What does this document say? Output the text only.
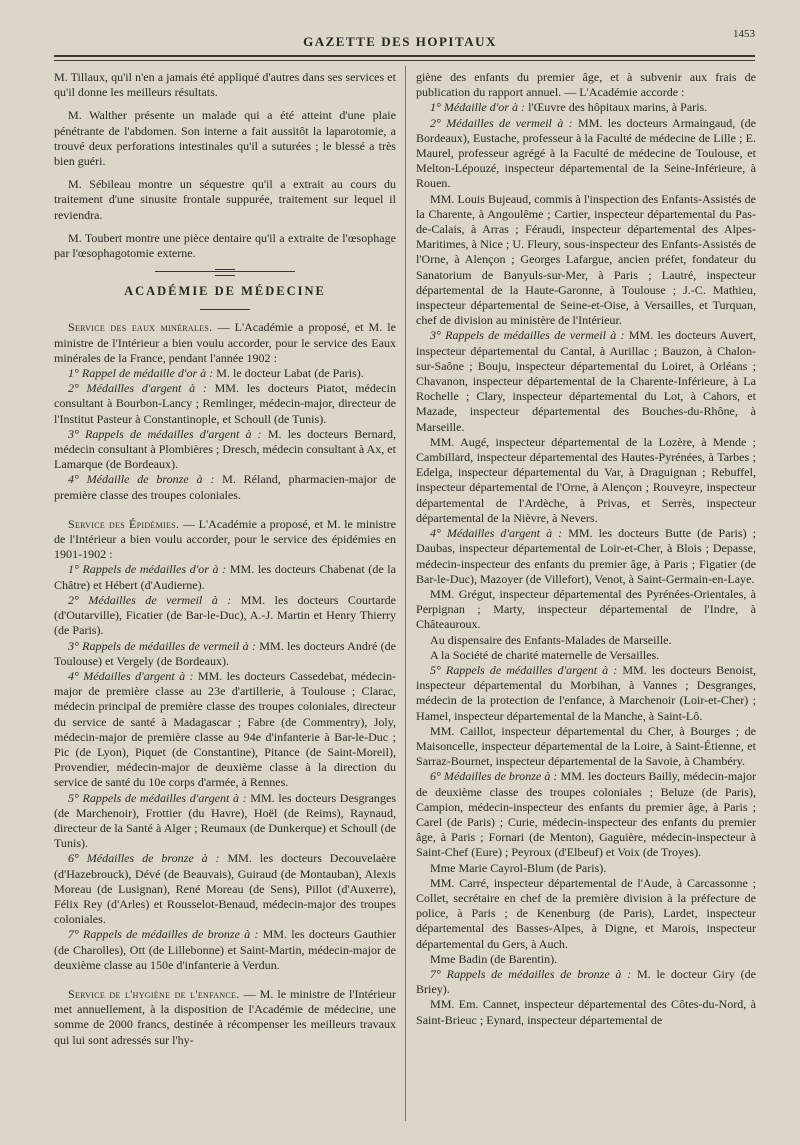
GAZETTE DES HOPITAUX	1453

M. Tillaux, qu'il n'en a jamais été appliqué d'autres dans ses services et qu'il donne les meilleurs résultats.

M. Walther présente un malade qui a été atteint d'une plaie pénétrante de l'abdomen. Son interne a fait aussitôt la laparotomie, a trouvé deux perforations intestinales qu'il a suturées ; le blessé a très bien guéri.

M. Sébileau montre un séquestre qu'il a extrait au cours du traitement d'une sinusite frontale suppurée, traitement sur lequel il reviendra.

M. Toubert montre une pièce dentaire qu'il a extraite de l'œsophage par l'œsophagotomie externe.

ACADÉMIE DE MÉDECINE

Service des eaux minérales. — L'Académie a proposé, et M. le ministre de l'Intérieur a bien voulu accorder, pour le service des Eaux minérales de la France, pendant l'année 1902 :

1° Rappel de médaille d'or à : M. le docteur Labat (de Paris).

2° Médailles d'argent à : MM. les docteurs Piatot, médecin consultant à Bourbon-Lancy ; Remlinger, médecin-major, directeur de l'Institut Pasteur à Constantinople, et Schoull (de Tunis).

3° Rappels de médailles d'argent à : M. les docteurs Bernard, médecin consultant à Plombières ; Dresch, médecin consultant à Ax, et Lamarque (de Bordeaux).

4° Médaille de bronze à : M. Réland, pharmacien-major de première classe des troupes coloniales.

Service des Épidémies. — L'Académie a proposé, et M. le ministre de l'Intérieur a bien voulu accorder, pour le service des épidémies en 1901-1902 :

1° Rappels de médailles d'or à : MM. les docteurs Chabenat (de la Châtre) et Hébert (d'Audierne).

2° Médailles de vermeil à : MM. les docteurs Courtarde (d'Outarville), Ficatier (de Bar-le-Duc), A.-J. Martin et Henry Thierry (de Paris).

3° Rappels de médailles de vermeil à : MM. les docteurs André (de Toulouse) et Vergely (de Bordeaux).

4° Médailles d'argent à : MM. les docteurs Cassedebat, médecin-major de première classe au 23e d'artillerie, à Toulouse ; Clarac, médecin principal de première classe des troupes coloniales, directeur du service de santé à Madagascar ; Fabre (de Commentry), Joly, médecin-major de première classe au 94e d'infanterie à Bar-le-Duc ; Pic (de Lyon), Piquet (de Constantine), Pitance (de Saint-Moreil), Provendier, médecin-major de deuxième classe à la direction du service de santé du 10e corps d'armée, à Rennes.

5° Rappels de médailles d'argent à : MM. les docteurs Desgranges (de Marchenoir), Frottier (du Havre), Hoël (de Reims), Raynaud, directeur de la Santé à Alger ; Reumaux (de Dunkerque) et Schoull (de Tunis).

6° Médailles de bronze à : MM. les docteurs Decouvelaère (d'Hazebrouck), Dévé (de Beauvais), Guiraud (de Montauban), Alexis Moreau (de Lusignan), René Moreau (de Sens), Pillot (d'Auxerre), Félix Rey (d'Arles) et Rousselot-Benaud, médecin-major des troupes coloniales.

7° Rappels de médailles de bronze à : MM. les docteurs Gauthier (de Charolles), Ott (de Lillebonne) et Saint-Martin, médecin-major de deuxième classe au 150e d'infanterie à Verdun.

Service de l'hygiène de l'enfance. — M. le ministre de l'Intérieur met annuellement, à la disposition de l'Académie de médecine, une somme de 2000 francs, destinée à récompenser les meilleurs travaux qui lui sont adressés sur l'hy-

giène des enfants du premier âge, et à subvenir aux frais de publication du rapport annuel. — L'Académie accorde :

1° Médaille d'or à : l'Œuvre des hôpitaux marins, à Paris.

2° Médailles de vermeil à : MM. les docteurs Armaingaud, (de Bordeaux), Eustache, professeur à la Faculté de médecine de Lille ; E. Maurel, professeur agrégé à la Faculté de médecine de Toulouse, et Melton-Lépouzé, inspecteur départemental de la Seine-Inférieure, à Rouen.

MM. Louis Bujeaud, commis à l'inspection des Enfants-Assistés de la Charente, à Angoulême ; Cartier, inspecteur départemental du Pas-de-Calais, à Arras ; Féraudi, inspecteur départemental des Alpes-Maritimes, à Nice ; U. Fleury, sous-inspecteur des Enfants-Assistés de l'Orne, à Alençon ; Georges Lafargue, ancien préfet, fondateur du Sanatorium de Banyuls-sur-Mer, à Paris ; Lautré, inspecteur départemental de la Haute-Garonne, à Toulouse ; J.-C. Mathieu, inspecteur départemental de Seine-et-Oise, à Versailles, et Turquan, chef de division au ministère de l'Intérieur.

3° Rappels de médailles de vermeil à : MM. les docteurs Auvert, inspecteur départemental du Cantal, à Aurillac ; Bauzon, à Chalon-sur-Saône ; Bouju, inspecteur départemental du Loiret, à Orléans ; Chavanon, inspecteur départemental de la Charente-Inférieure, à La Rochelle ; Clary, inspecteur départemental du Lot, à Cahors, et Mazade, inspecteur départemental des Bouches-du-Rhône, à Marseille.

MM. Augé, inspecteur départemental de la Lozère, à Mende ; Cambillard, inspecteur départemental des Hautes-Pyrénées, à Tarbes ; Edelga, inspecteur départemental du Var, à Draguignan ; Rebuffel, inspecteur départemental de l'Orne, à Alençon ; Rouveyre, inspecteur départemental de l'Ardèche, à Privas, et Serrès, inspecteur départemental de la Nièvre, à Nevers.

4° Médailles d'argent à : MM. les docteurs Butte (de Paris) ; Daubas, inspecteur départemental de Loir-et-Cher, à Blois ; Depasse, médecin-inspecteur des enfants du premier âge, à Paris ; Figatier (de Bar-le-Duc), Mazoyer (de Villefort), Venot, à Saint-Germain-en-Laye.

MM. Grégut, inspecteur départemental des Pyrénées-Orientales, à Perpignan ; Marty, inspecteur départemental de l'Indre, à Châteauroux.

Au dispensaire des Enfants-Malades de Marseille.

A la Société de charité maternelle de Versailles.

5° Rappels de médailles d'argent à : MM. les docteurs Benoist, inspecteur départemental du Morbihan, à Vannes ; Desgranges, médecin de la protection de l'enfance, à Marchenoir (Loir-et-Cher) ; Hamel, inspecteur départemental de la Manche, à Saint-Lô.

MM. Caillot, inspecteur départemental du Cher, à Bourges ; de Maisoncelle, inspecteur départemental de la Loire, à Saint-Étienne, et Sarraz-Bournet, inspecteur départemental de la Savoie, à Chambéry.

6° Médailles de bronze à : MM. les docteurs Bailly, médecin-major de deuxième classe des troupes coloniales ; Beluze (de Paris), Campion, médecin-inspecteur des enfants du premier âge, à Paris ; Carel (de Paris) ; Curie, médecin-inspecteur des enfants du premier âge, à Paris ; Fornari (de Menton), Gaguière, médecin-inspecteur à Saint-Chef (Eure) ; Peyroux (d'Elbeuf) et Voix (de Troyes).

Mme Marie Cayrol-Blum (de Paris).

MM. Carré, inspecteur départemental de l'Aude, à Carcassonne ; Collet, secrétaire en chef de la première division à la préfecture de police, à Paris ; de Kenenburg (de Paris), Lardet, inspecteur départemental des Basses-Alpes, à Digne, et Marois, inspecteur départemental du Gers, à Auch.

Mme Badin (de Barentin).

7° Rappels de médailles de bronze à : M. le docteur Giry (de Briey).

MM. Em. Cannet, inspecteur départemental des Côtes-du-Nord, à Saint-Brieuc ; Eynard, inspecteur départemental de
